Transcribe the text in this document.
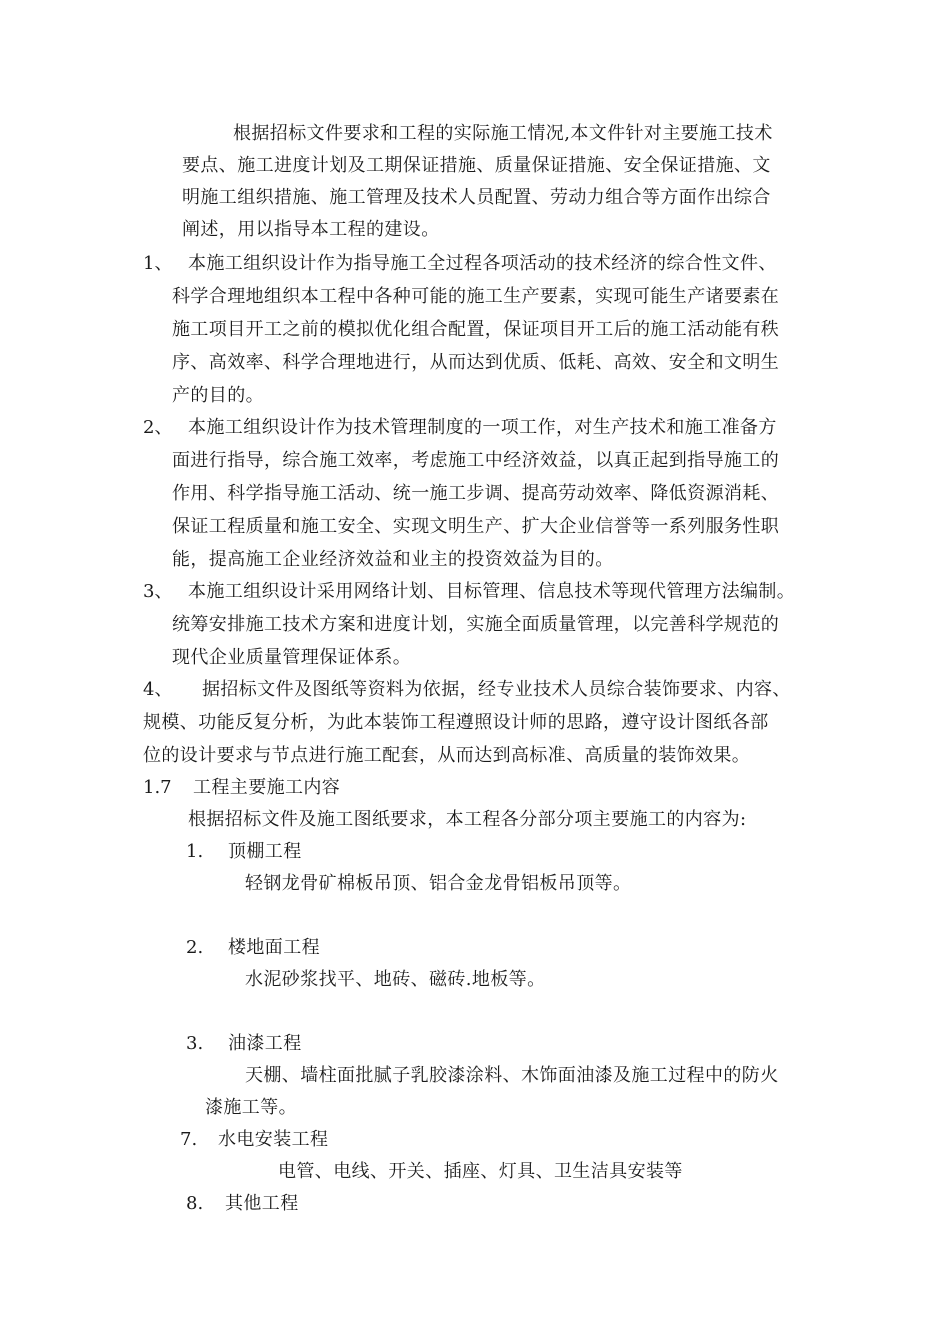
根据招标文件要求和工程的实际施工情况,本文件针对主要施工技术
要点、施工进度计划及工期保证措施、质量保证措施、安全保证措施、文
明施工组织措施、施工管理及技术人员配置、劳动力组合等方面作出综合
阐述，用以指导本工程的建设。
1、 本施工组织设计作为指导施工全过程各项活动的技术经济的综合性文件、
科学合理地组织本工程中各种可能的施工生产要素，实现可能生产诸要素在
施工项目开工之前的模拟优化组合配置，保证项目开工后的施工活动能有秩
序、高效率、科学合理地进行，从而达到优质、低耗、高效、安全和文明生
产的目的。
2、 本施工组织设计作为技术管理制度的一项工作，对生产技术和施工准备方
面进行指导，综合施工效率，考虑施工中经济效益，以真正起到指导施工的
作用、科学指导施工活动、统一施工步调、提高劳动效率、降低资源消耗、
保证工程质量和施工安全、实现文明生产、扩大企业信誉等一系列服务性职
能，提高施工企业经济效益和业主的投资效益为目的。
3、 本施工组织设计采用网络计划、目标管理、信息技术等现代管理方法编制。
统筹安排施工技术方案和进度计划，实施全面质量管理，以完善科学规范的
现代企业质量管理保证体系。
4、 据招标文件及图纸等资料为依据，经专业技术人员综合装饰要求、内容、
规模、功能反复分析，为此本装饰工程遵照设计师的思路，遵守设计图纸各部
位的设计要求与节点进行施工配套，从而达到高标准、高质量的装饰效果。
1.7 工程主要施工内容
根据招标文件及施工图纸要求，本工程各分部分项主要施工的内容为:
1. 顶棚工程
轻钢龙骨矿棉板吊顶、铝合金龙骨铝板吊顶等。
2. 楼地面工程
水泥砂浆找平、地砖、磁砖.地板等。
3. 油漆工程
天棚、墙柱面批腻子乳胶漆涂料、木饰面油漆及施工过程中的防火
漆施工等。
7. 水电安装工程
电管、电线、开关、插座、灯具、卫生洁具安装等
8. 其他工程
